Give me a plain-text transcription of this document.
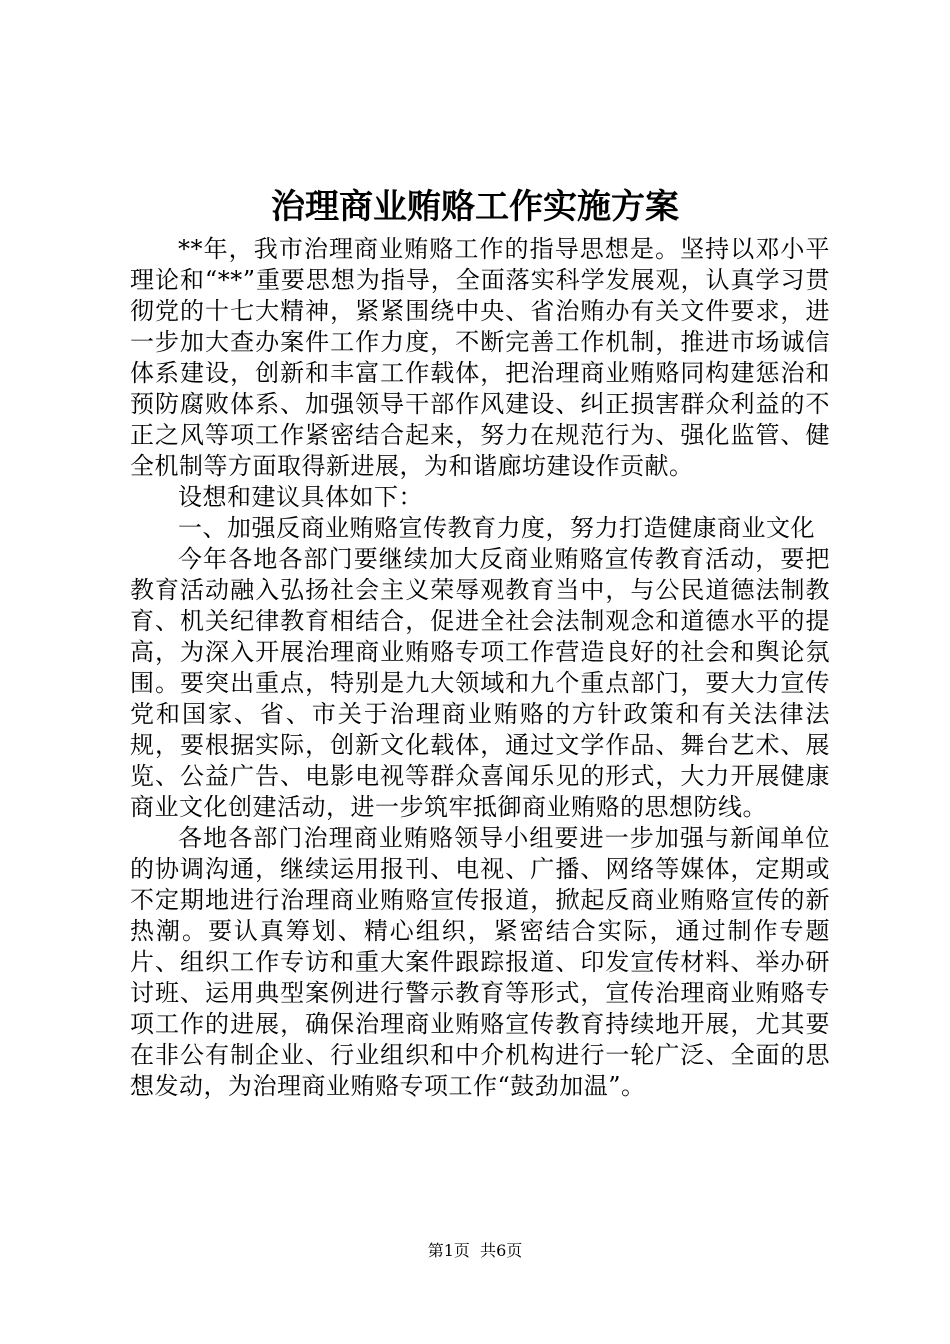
治理商业贿赂工作实施方案

**年，我市治理商业贿赂工作的指导思想是。坚持以邓小平理论和“**”重要思想为指导，全面落实科学发展观，认真学习贯彻党的十七大精神，紧紧围绕中央、省治贿办有关文件要求，进一步加大查办案件工作力度，不断完善工作机制，推进市场诚信体系建设，创新和丰富工作载体，把治理商业贿赂同构建惩治和预防腐败体系、加强领导干部作风建设、纠正损害群众利益的不正之风等项工作紧密结合起来，努力在规范行为、强化监管、健全机制等方面取得新进展，为和谐廊坊建设作贡献。

设想和建议具体如下：

一、加强反商业贿赂宣传教育力度，努力打造健康商业文化

今年各地各部门要继续加大反商业贿赂宣传教育活动，要把教育活动融入弘扬社会主义荣辱观教育当中，与公民道德法制教育、机关纪律教育相结合，促进全社会法制观念和道德水平的提高，为深入开展治理商业贿赂专项工作营造良好的社会和舆论氛围。要突出重点，特别是九大领域和九个重点部门，要大力宣传党和国家、省、市关于治理商业贿赂的方针政策和有关法律法规，要根据实际，创新文化载体，通过文学作品、舞台艺术、展览、公益广告、电影电视等群众喜闻乐见的形式，大力开展健康商业文化创建活动，进一步筑牢抵御商业贿赂的思想防线。

各地各部门治理商业贿赂领导小组要进一步加强与新闻单位的协调沟通，继续运用报刊、电视、广播、网络等媒体，定期或不定期地进行治理商业贿赂宣传报道，掀起反商业贿赂宣传的新热潮。要认真筹划、精心组织，紧密结合实际，通过制作专题片、组织工作专访和重大案件跟踪报道、印发宣传材料、举办研讨班、运用典型案例进行警示教育等形式，宣传治理商业贿赂专项工作的进展，确保治理商业贿赂宣传教育持续地开展，尤其要在非公有制企业、行业组织和中介机构进行一轮广泛、全面的思想发动，为治理商业贿赂专项工作“鼓劲加温”。

第1页  共6页
